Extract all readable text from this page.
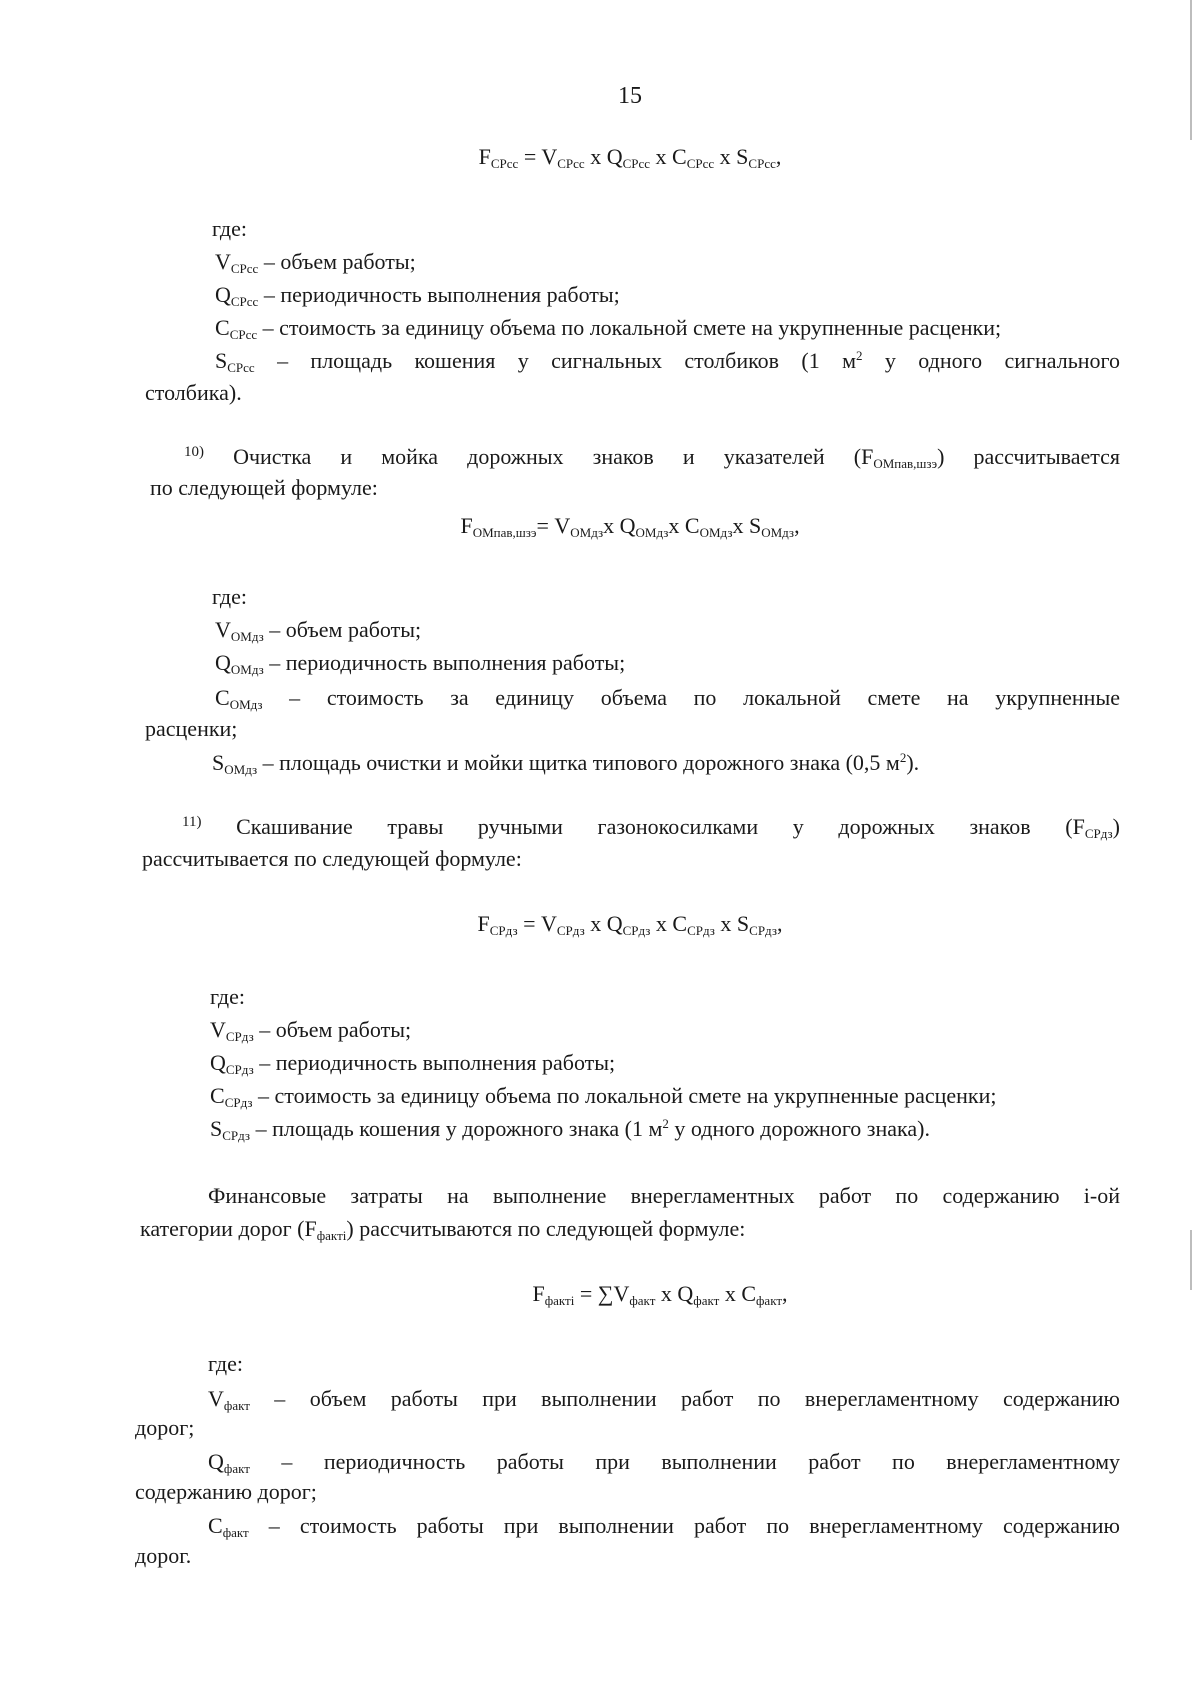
15
$F_{CPcc} = V_{CPcc}$ x $Q_{CPcc}$ x $C_{CPcc}$ x $S_{CPcc}$,
где:
$V_{CPcc}$ – объем работы;
$Q_{CPcc}$ – периодичность выполнения работы;
$C_{CPcc}$ – стоимость за единицу объема по локальной смете на укрупненные расценки;
$S_{CPcc}$ – площадь кошения у сигнальных столбиков (1 $м^2$ у одного сигнального
столбика).
$^{10)}$ Очистка и мойка дорожных знаков и указателей $(F_{OMпав,шзэ})$ рассчитывается
по следующей формуле:
$F_{OMпав,шзэ}= V_{OMдз}x$ $Q_{OMдз}x$ $C_{OMдз}x$ $S_{OMдз}$,
где:
$V_{OMдз}$ – объем работы;
$Q_{OMдз}$ – периодичность выполнения работы;
$C_{OMдз}$ – стоимость за единицу объема по локальной смете на укрупненные
расценки;
$S_{OMдз}$ – площадь очистки и мойки щитка типового дорожного знака (0,5 $м^2$).
$^{11)}$ Скашивание травы ручными газонокосилками у дорожных знаков $(F_{CPдз})$
рассчитывается по следующей формуле:
$F_{CPдз} = V_{CPдз}$ x $Q_{CPдз}$ x $C_{CPдз}$ x $S_{CPдз}$,
где:
$V_{CPдз}$ – объем работы;
$Q_{CPдз}$ – периодичность выполнения работы;
$C_{CPдз}$ – стоимость за единицу объема по локальной смете на укрупненные расценки;
$S_{CPдз}$ – площадь кошения у дорожного знака (1 $м^2$ у одного дорожного знака).
Финансовые затраты на выполнение внерегламентных работ по содержанию i-ой
категории дорог $(F_{фактi})$ рассчитываются по следующей формуле:
$F_{фактi} = \sum V_{факт}$ x $Q_{факт}$ x $C_{факт}$,
где:
$V_{факт}$ – объем работы при выполнении работ по внерегламентному содержанию
дорог;
$Q_{факт}$ – периодичность работы при выполнении работ по внерегламентному
содержанию дорог;
$C_{факт}$ – стоимость работы при выполнении работ по внерегламентному содержанию
дорог.
